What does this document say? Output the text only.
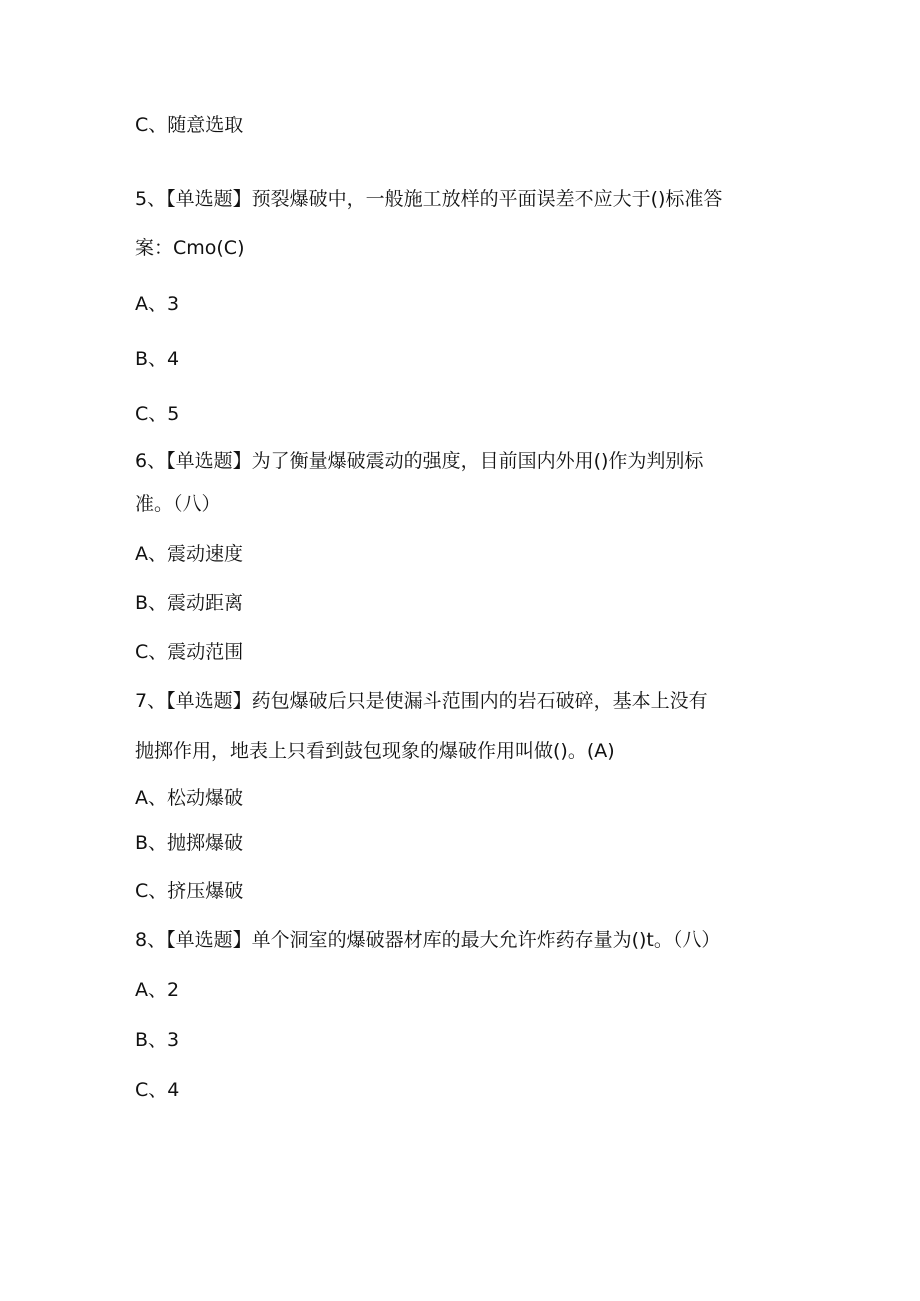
C、随意选取
5、【单选题】预裂爆破中，一般施工放样的平面误差不应大于()标准答
案：Cmo(C)
A、3
B、4
C、5
6、【单选题】为了衡量爆破震动的强度，目前国内外用()作为判别标
准。（八）
A、震动速度
B、震动距离
C、震动范围
7、【单选题】药包爆破后只是使漏斗范围内的岩石破碎，基本上没有
抛掷作用，地表上只看到鼓包现象的爆破作用叫做()。(A)
A、松动爆破
B、抛掷爆破
C、挤压爆破
8、【单选题】单个洞室的爆破器材库的最大允许炸药存量为()t。（八）
A、2
B、3
C、4
